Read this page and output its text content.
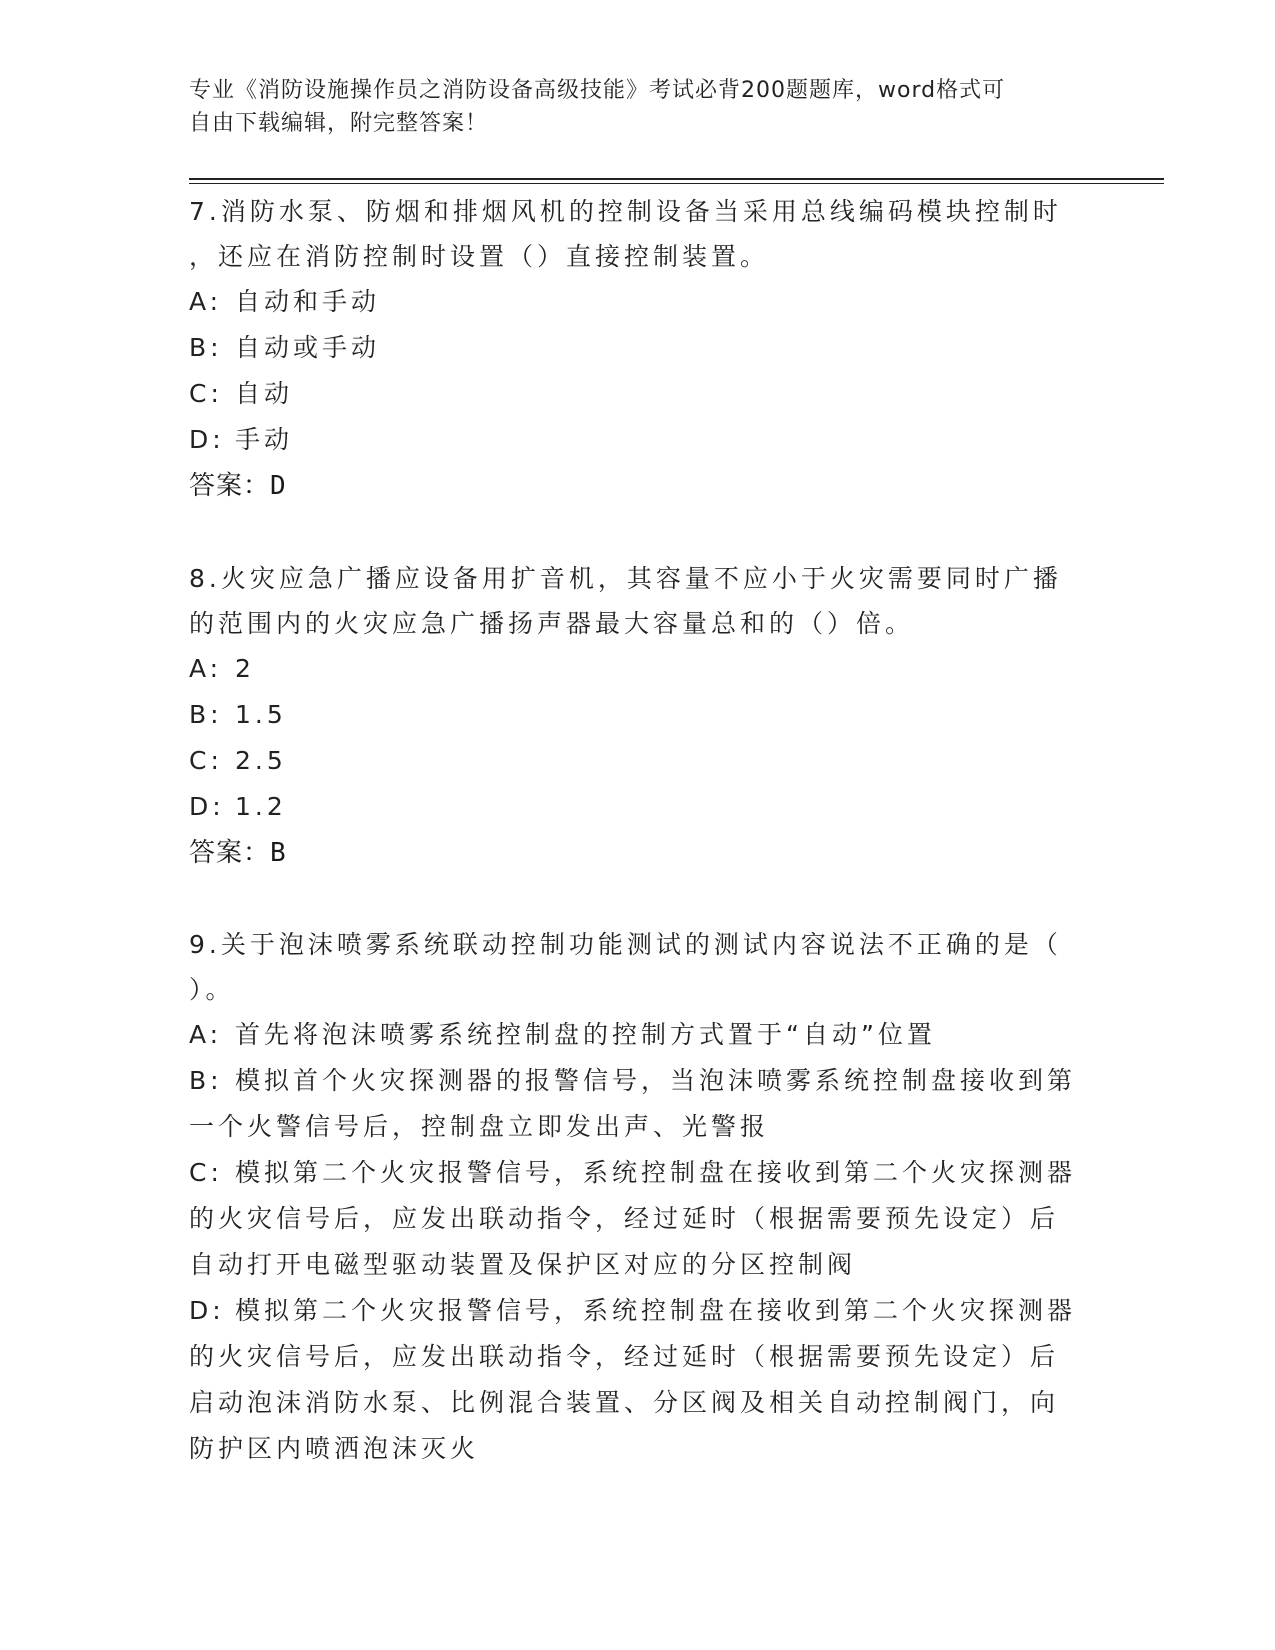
专业《消防设施操作员之消防设备高级技能》考试必背200题题库，word格式可
自由下载编辑，附完整答案！
7.消防水泵、防烟和排烟风机的控制设备当采用总线编码模块控制时
，还应在消防控制时设置（）直接控制装置。
A: 自动和手动
B: 自动或手动
C: 自动
D: 手动
答案：D
8.火灾应急广播应设备用扩音机，其容量不应小于火灾需要同时广播
的范围内的火灾应急广播扬声器最大容量总和的（）倍。
A: 2
B: 1.5
C: 2.5
D: 1.2
答案：B
9.关于泡沫喷雾系统联动控制功能测试的测试内容说法不正确的是（
）。
A: 首先将泡沫喷雾系统控制盘的控制方式置于“自动”位置
B: 模拟首个火灾探测器的报警信号，当泡沫喷雾系统控制盘接收到第
一个火警信号后，控制盘立即发出声、光警报
C: 模拟第二个火灾报警信号，系统控制盘在接收到第二个火灾探测器
的火灾信号后，应发出联动指令，经过延时（根据需要预先设定）后
自动打开电磁型驱动装置及保护区对应的分区控制阀
D: 模拟第二个火灾报警信号，系统控制盘在接收到第二个火灾探测器
的火灾信号后，应发出联动指令，经过延时（根据需要预先设定）后
启动泡沫消防水泵、比例混合装置、分区阀及相关自动控制阀门，向
防护区内喷洒泡沫灭火
